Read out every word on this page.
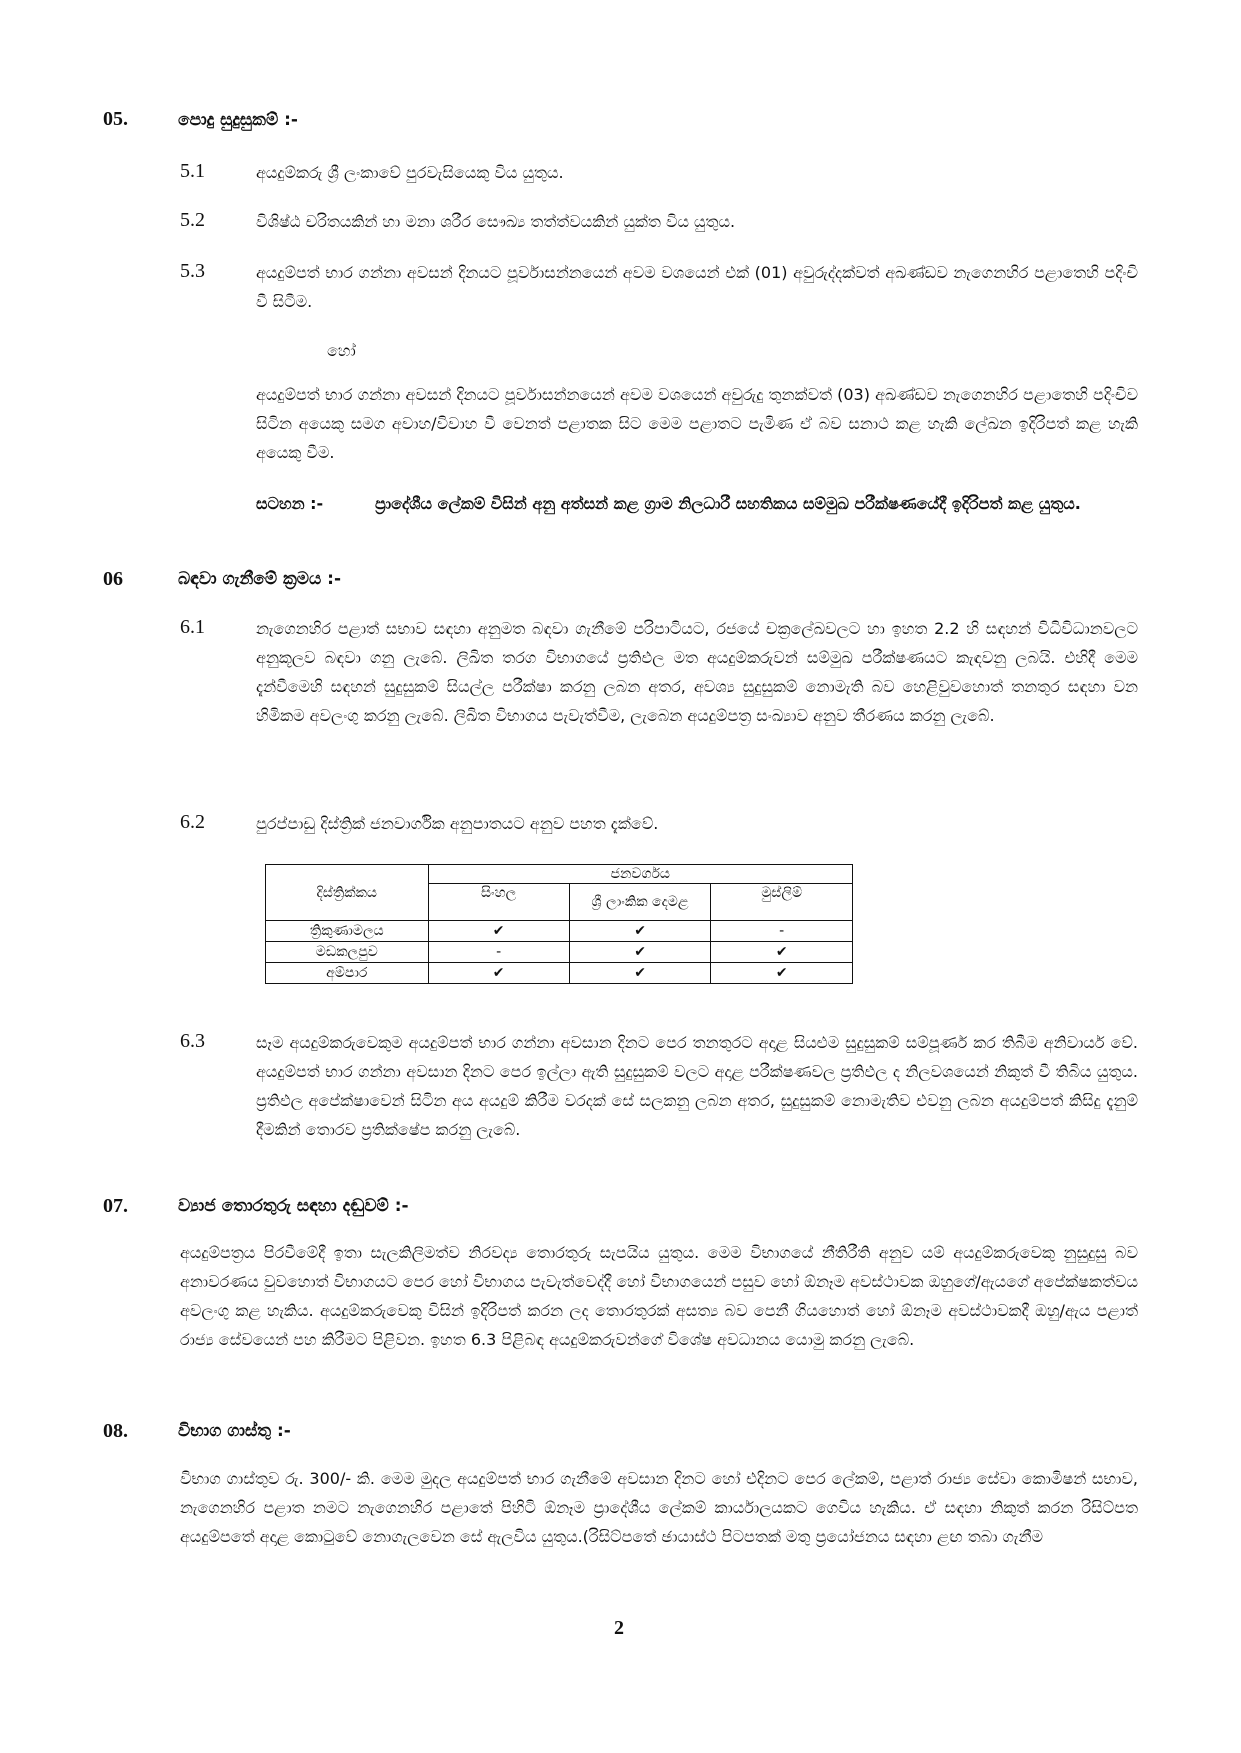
05.	පොදු සුදුසුකම් :-
5.1	අයදුම්කරු ශ්‍රී ලංකාවේ පුරවැසියෙකු විය යුතුය.
5.2	විශිෂ්ඨ චරිතයකින් හා මනා ශරීර සෞඛ්‍ය තත්ත්වයකින් යුක්ත විය යුතුය.
5.3	අයදුම්පත් භාර ගන්නා අවසන් දිනයට පූර්වාසන්නයෙන් අවම වශයෙන් එක් (01) අවුරුද්දක්වත් අඛණ්ඩව නැගෙනහිර පළාතෙහි පදිංචි වී සිටීම.
හෝ
අයදුම්පත් භාර ගන්නා අවසන් දිනයට පූර්වාසන්නයෙන් අවම වශයෙන් අවුරුදු තුනක්වත් (03) අඛණ්ඩව නැගෙනහිර පළාතෙහි පදිංචිව සිටින අයෙකු සමග අවාහ/විවාහ වී වෙනත් පළාතක සිට මෙම පළාතට පැමිණ ඒ බව සනාථ කළ හැකි ලේඛන ඉදිරිපත් කළ හැකි අයෙකු වීම.
සටහන :-	ප්‍රාදේශීය ලේකම් විසින් අනු අත්සන් කළ ග්‍රාම නිලධාරී සහතිකය සම්මුඛ පරීක්ෂණයේදී ඉදිරිපත් කළ යුතුය.
06	බඳවා ගැනීමේ ක්‍රමය :-
6.1	නැගෙනහිර පළාත් සභාව සඳහා අනුමත බඳවා ගැනීමේ පරිපාටියට, රජයේ චක්‍රලේඛවලට හා ඉහත 2.2 හි සඳහන් විධිවිධානවලට අනුකූලව බඳවා ගනු ලැබේ. ලිඛිත තරග විභාගයේ ප්‍රතිඵල මත අයදුම්කරුවන් සම්මුඛ පරීක්ෂණයට කැඳවනු ලබයි. එහිදී මෙම දැන්වීමෙහි සඳහන් සුදුසුකම් සියල්ල පරීක්ෂා කරනු ලබන අතර, අවශ්‍ය සුදුසුකම් නොමැති බව හෙළිවුවහොත් තනතුර සඳහා වන හිමිකම අවලංගු කරනු ලැබේ. ලිඛිත විභාගය පැවැත්වීම, ලැබෙන අයදුම්පත්‍ර සංඛ්‍යාව අනුව තීරණය කරනු ලැබේ.
6.2	පුරප්පාඩු දිස්ත්‍රික් ජනවාර්ගික අනුපාතයට අනුව පහත දැක්වේ.
දිස්ත්‍රික්කය	ජනවර්ගය		
	සිංහල	ශ්‍රී ලාංකික දෙමළ	මුස්ලිම්
ත්‍රිකුණාමලය	✔	✔	-
මඩකලපුව	-	✔	✔
අම්පාර	✔	✔	✔
6.3	සෑම අයදුම්කරුවෙකුම අයදුම්පත් භාර ගන්නා අවසාන දිනට පෙර තනතුරට අදාළ සියළුම සුදුසුකම් සම්පූර්ණ කර තිබීම අනිවාර්ය වේ. අයදුම්පත් භාර ගන්නා අවසාන දිනට පෙර ඉල්ලා ඇති සුදුසුකම් වලට අදාළ පරීක්ෂණවල ප්‍රතිඵල ද නිලවශයෙන් නිකුත් වී තිබිය යුතුය. ප්‍රතිඵල අපේක්ෂාවෙන් සිටින අය අයදුම් කිරීම වරදක් සේ සලකනු ලබන අතර, සුදුසුකම් නොමැතිව එවනු ලබන අයදුම්පත් කිසිදු දැනුම් දීමකින් තොරව ප්‍රතික්ෂේප කරනු ලැබේ.
07.	ව්‍යාජ තොරතුරු සඳහා දඬුවම් :-
අයදුම්පත්‍රය පිරවීමේදී ඉතා සැලකිලිමත්ව නිරවද්‍ය තොරතුරු සැපයිය යුතුය. මෙම විභාගයේ නීතිරීති අනුව යම් අයදුම්කරුවෙකු නුසුදුසු බව අනාවරණය වුවහොත් විභාගයට පෙර හෝ විභාගය පැවැත්වෙද්දී හෝ විභාගයෙන් පසුව හෝ ඕනෑම අවස්ථාවක ඔහුගේ/ඇයගේ අපේක්ෂකත්වය අවලංගු කළ හැකිය. අයදුම්කරුවෙකු විසින් ඉදිරිපත් කරන ලද තොරතුරක් අසත්‍ය බව පෙනී ගියහොත් හෝ ඕනෑම අවස්ථාවකදී ඔහු/ඇය පළාත් රාජ්‍ය සේවයෙන් පහ කිරීමට පිළිවන. ඉහත 6.3 පිළිබඳ අයදුම්කරුවන්ගේ විශේෂ අවධානය යොමු කරනු ලැබේ.
08.	විභාග ගාස්තු :-
විභාග ගාස්තුව රු. 300/- කි. මෙම මුදල අයදුම්පත් භාර ගැනීමේ අවසාන දිනට හෝ එදිනට පෙර ලේකම්, පළාත් රාජ්‍ය සේවා කොමිෂන් සභාව, නැගෙනහිර පළාත නමට නැගෙනහිර පළාතේ පිහිටි ඕනෑම ප්‍රාදේශීය ලේකම් කාර්යාලයකට ගෙවිය හැකිය. ඒ සඳහා නිකුත් කරන රිසිට්පත අයදුම්පතේ අදාළ කොටුවේ නොගැලවෙන සේ ඇලවිය යුතුය.(රිසිට්පතේ ඡායාස්ථ පිටපතක් මතු ප්‍රයෝජනය සඳහා ළඟ තබා ගැනීම
2
